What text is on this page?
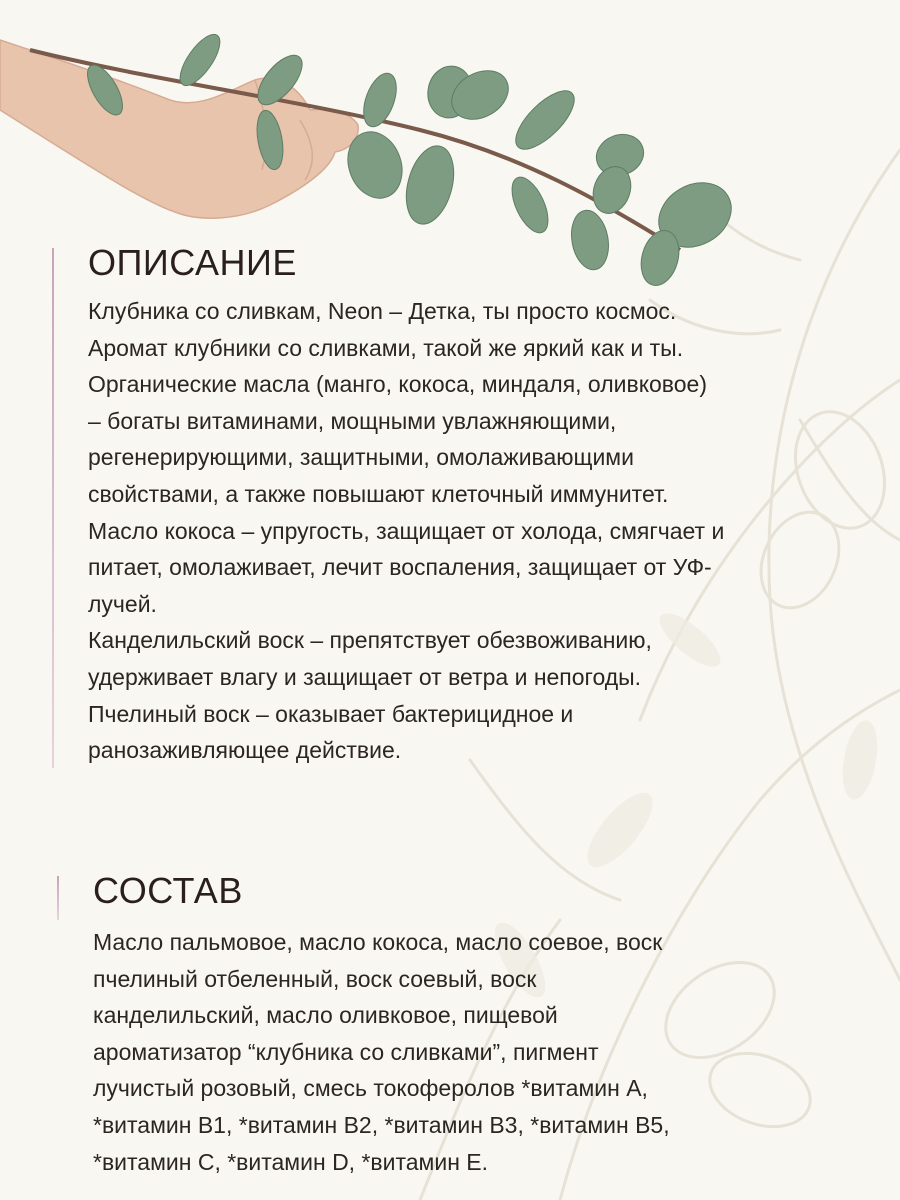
ОПИСАНИЕ

Клубника со сливкам, Neon – Детка, ты просто космос.

Аромат клубники со сливками, такой же яркий как и ты.

Органические масла (манго, кокоса, миндаля, оливковое)

– богаты витаминами, мощными увлажняющими,

регенерирующими, защитными, омолаживающими

свойствами, а также повышают клеточный иммунитет.

Масло кокоса – упругость, защищает от холода, смягчает и

питает, омолаживает, лечит воспаления, защищает от УФ-

лучей.

Канделильский воск – препятствует обезвоживанию,

удерживает влагу и защищает от ветра и непогоды.

Пчелиный воск – оказывает бактерицидное и

ранозаживляющее действие.

СОСТАВ

Масло пальмовое, масло кокоса, масло соевое, воск

пчелиный отбеленный, воск соевый, воск

канделильский, масло оливковое, пищевой

ароматизатор “клубника со сливками”, пигмент

лучистый розовый, смесь токоферолов *витамин А,

*витамин B1, *витамин B2, *витамин B3, *витамин B5,

*витамин С, *витамин D, *витамин Е.
